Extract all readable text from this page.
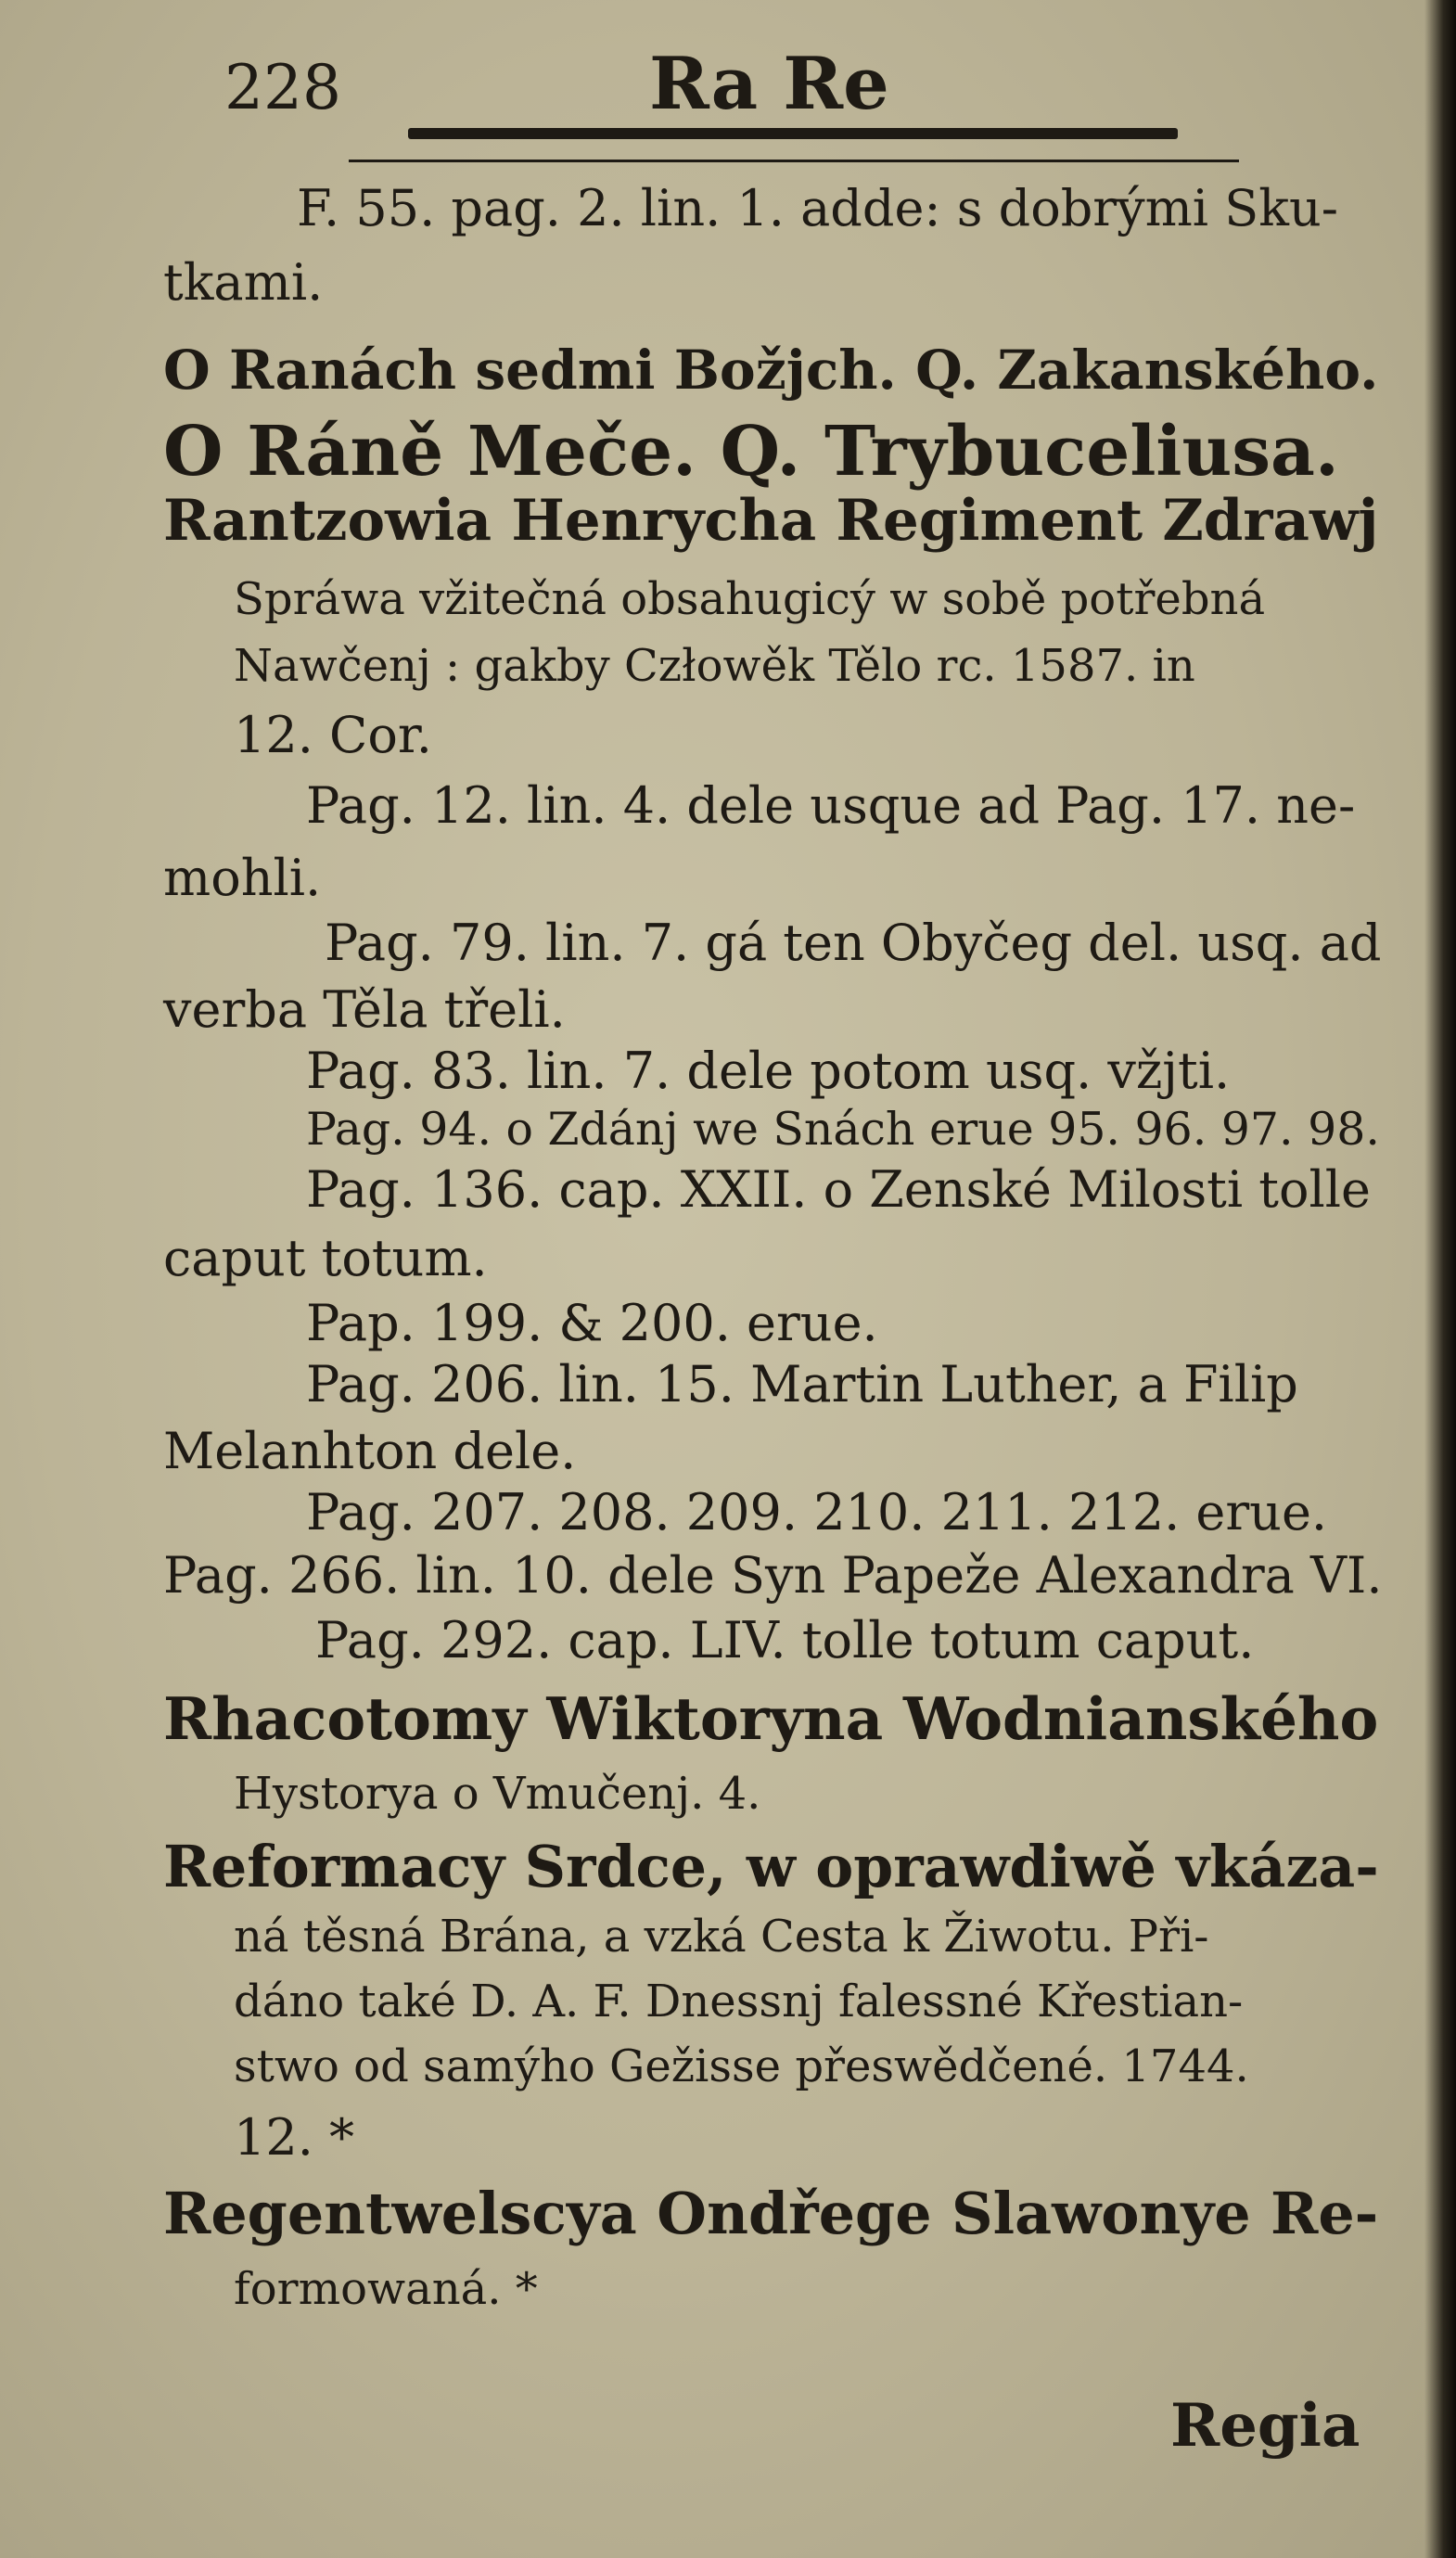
228	Ra Re
F. 55. pag. 2. lin. 1. adde: s dobrými Sku-
tkami.
O Ranách sedmi Božjch. Q. Zakanského.
O Ráně Meče. Q. Trybuceliusa.
Rantzowia Henrycha Regiment Zdrawj
Spráwa vžitečná obsahugicý w sobě potřebná
Nawčenj : gakby Człowěk Tělo rc. 1587. in
12. Cor.
Pag. 12. lin. 4. dele usque ad Pag. 17. ne-
mohli.
Pag. 79. lin. 7. gá ten Obyčeg del. usq. ad
verba Těla třeli.
Pag. 83. lin. 7. dele potom usq. vžjti.
Pag. 94. o Zdánj we Snách erue 95. 96. 97. 98.
Pag. 136. cap. XXII. o Zenské Milosti tolle
caput totum.
Pap. 199. & 200. erue.
Pag. 206. lin. 15. Martin Luther, a Filip
Melanhton dele.
Pag. 207. 208. 209. 210. 211. 212. erue.
Pag. 266. lin. 10. dele Syn Papeže Alexandra VI.
Pag. 292. cap. LIV. tolle totum caput.
Rhacotomy Wiktoryna Wodnianského
Hystorya o Vmučenj. 4.
Reformacy Srdce, w oprawdiwě vkáza-
ná těsná Brána, a vzká Cesta k Žiwotu. Při-
dáno také D. A. F. Dnessnj falessné Křestian-
stwo od samýho Gežisse přeswědčené. 1744.
12. *
Regentwelscya Ondřege Slawonye Re-
formowaná. *
Regia
